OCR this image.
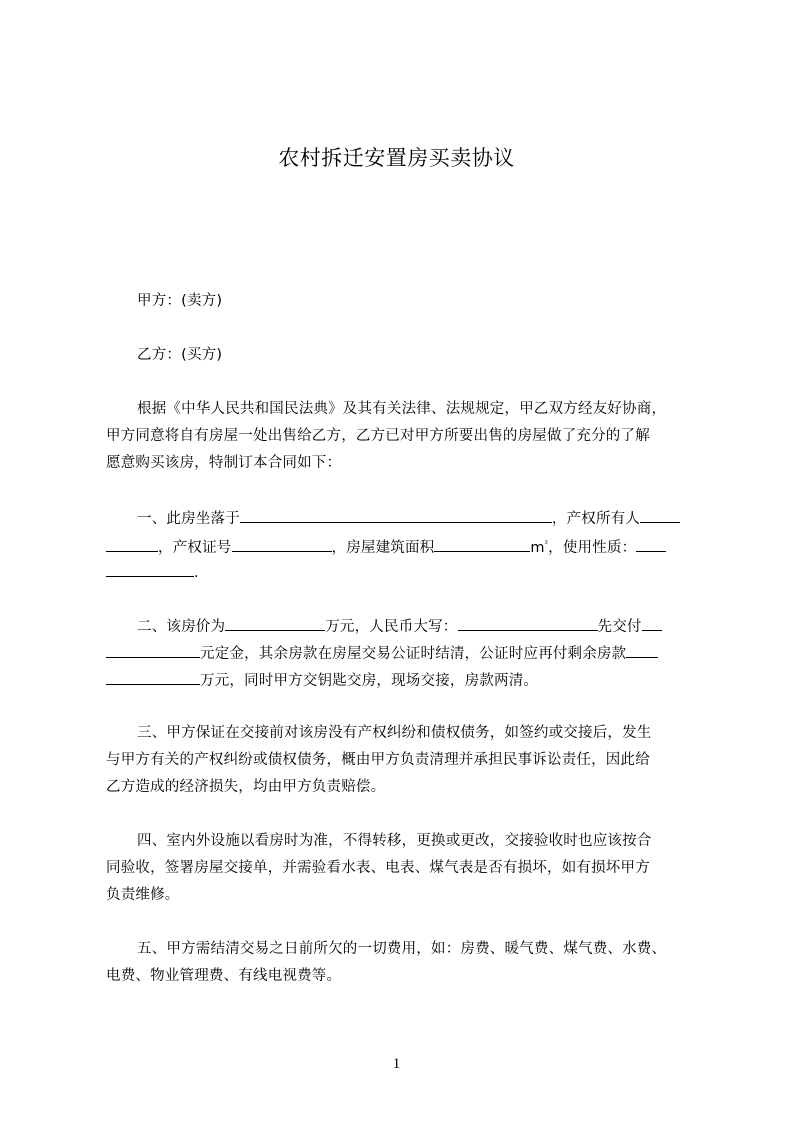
农村拆迁安置房买卖协议
甲方：(卖方)
乙方：(买方)
根据《中华人民共和国民法典》及其有关法律、法规规定，甲乙双方经友好协商，
甲方同意将自有房屋一处出售给乙方，乙方已对甲方所要出售的房屋做了充分的了解
愿意购买该房，特制订本合同如下：
一、此房坐落于	，产权所有人
，产权证号	，房屋建筑面积	$m^{^2}$，使用性质：
.
二、该房价为	万元，人民币大写：	先交付
元定金，其余房款在房屋交易公证时结清，公证时应再付剩余房款
万元，同时甲方交钥匙交房，现场交接，房款两清。
三、甲方保证在交接前对该房没有产权纠纷和债权债务，如签约或交接后，发生
与甲方有关的产权纠纷或债权债务，概由甲方负责清理并承担民事诉讼责任，因此给
乙方造成的经济损失，均由甲方负责赔偿。
四、室内外设施以看房时为准，不得转移，更换或更改，交接验收时也应该按合
同验收，签署房屋交接单，并需验看水表、电表、煤气表是否有损坏，如有损坏甲方
负责维修。
五、甲方需结清交易之日前所欠的一切费用，如：房费、暖气费、煤气费、水费、
电费、物业管理费、有线电视费等。
1
